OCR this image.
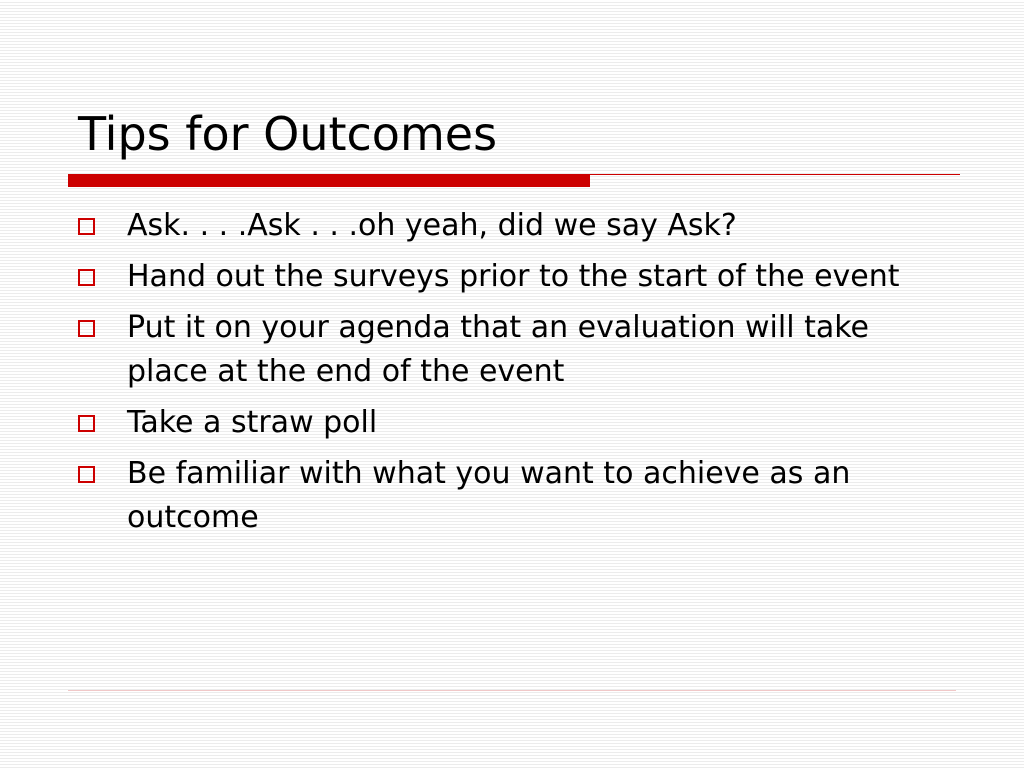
Tips for Outcomes
Ask. . . .Ask . . .oh yeah, did we say Ask?
Hand out the surveys prior to the start of the event
Put it on your agenda that an evaluation will take place at the end of the event
Take a straw poll
Be familiar with what you want to achieve as an outcome
